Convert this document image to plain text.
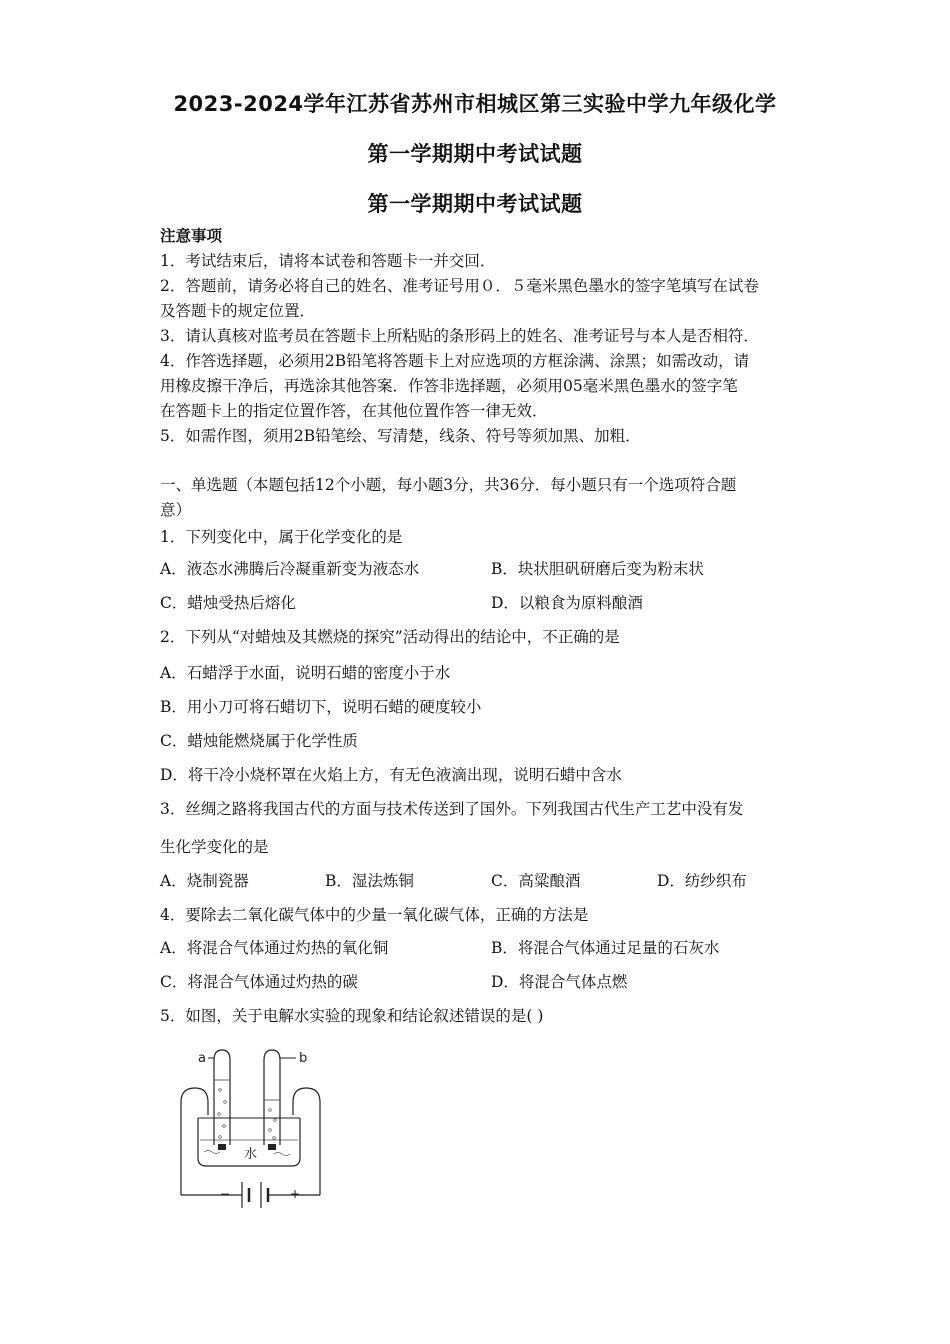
2023-2024学年江苏省苏州市相城区第三实验中学九年级化学
第一学期期中考试试题
第一学期期中考试试题
注意事项
1．考试结束后，请将本试卷和答题卡一并交回．
2．答题前，请务必将自己的姓名、准考证号用０．５毫米黑色墨水的签字笔填写在试卷
及答题卡的规定位置．
3．请认真核对监考员在答题卡上所粘贴的条形码上的姓名、准考证号与本人是否相符．
4．作答选择题，必须用2B铅笔将答题卡上对应选项的方框涂满、涂黑；如需改动，请
用橡皮擦干净后，再选涂其他答案．作答非选择题，必须用05毫米黑色墨水的签字笔
在答题卡上的指定位置作答，在其他位置作答一律无效．
5．如需作图，须用2B铅笔绘、写清楚，线条、符号等须加黑、加粗．
一、单选题（本题包括12个小题，每小题3分，共36分．每小题只有一个选项符合题
意）
1．下列变化中，属于化学变化的是
A．液态水沸腾后冷凝重新变为液态水	B．块状胆矾研磨后变为粉末状
C．蜡烛受热后熔化	D．以粮食为原料酿酒
2．下列从“对蜡烛及其燃烧的探究”活动得出的结论中，不正确的是
A．石蜡浮于水面，说明石蜡的密度小于水
B．用小刀可将石蜡切下，说明石蜡的硬度较小
C．蜡烛能燃烧属于化学性质
D．将干冷小烧杯罩在火焰上方，有无色液滴出现，说明石蜡中含水
3．丝绸之路将我国古代的方面与技术传送到了国外。下列我国古代生产工艺中没有发
生化学变化的是
A．烧制瓷器	B．湿法炼铜	C．高粱酿酒	D．纺纱织布
4．要除去二氧化碳气体中的少量一氧化碳气体，正确的方法是
A．将混合气体通过灼热的氧化铜	B．将混合气体通过足量的石灰水
C．将混合气体通过灼热的碳	D．将混合气体点燃
5．如图，关于电解水实验的现象和结论叙述错误的是( )
−	+
水
a	b
